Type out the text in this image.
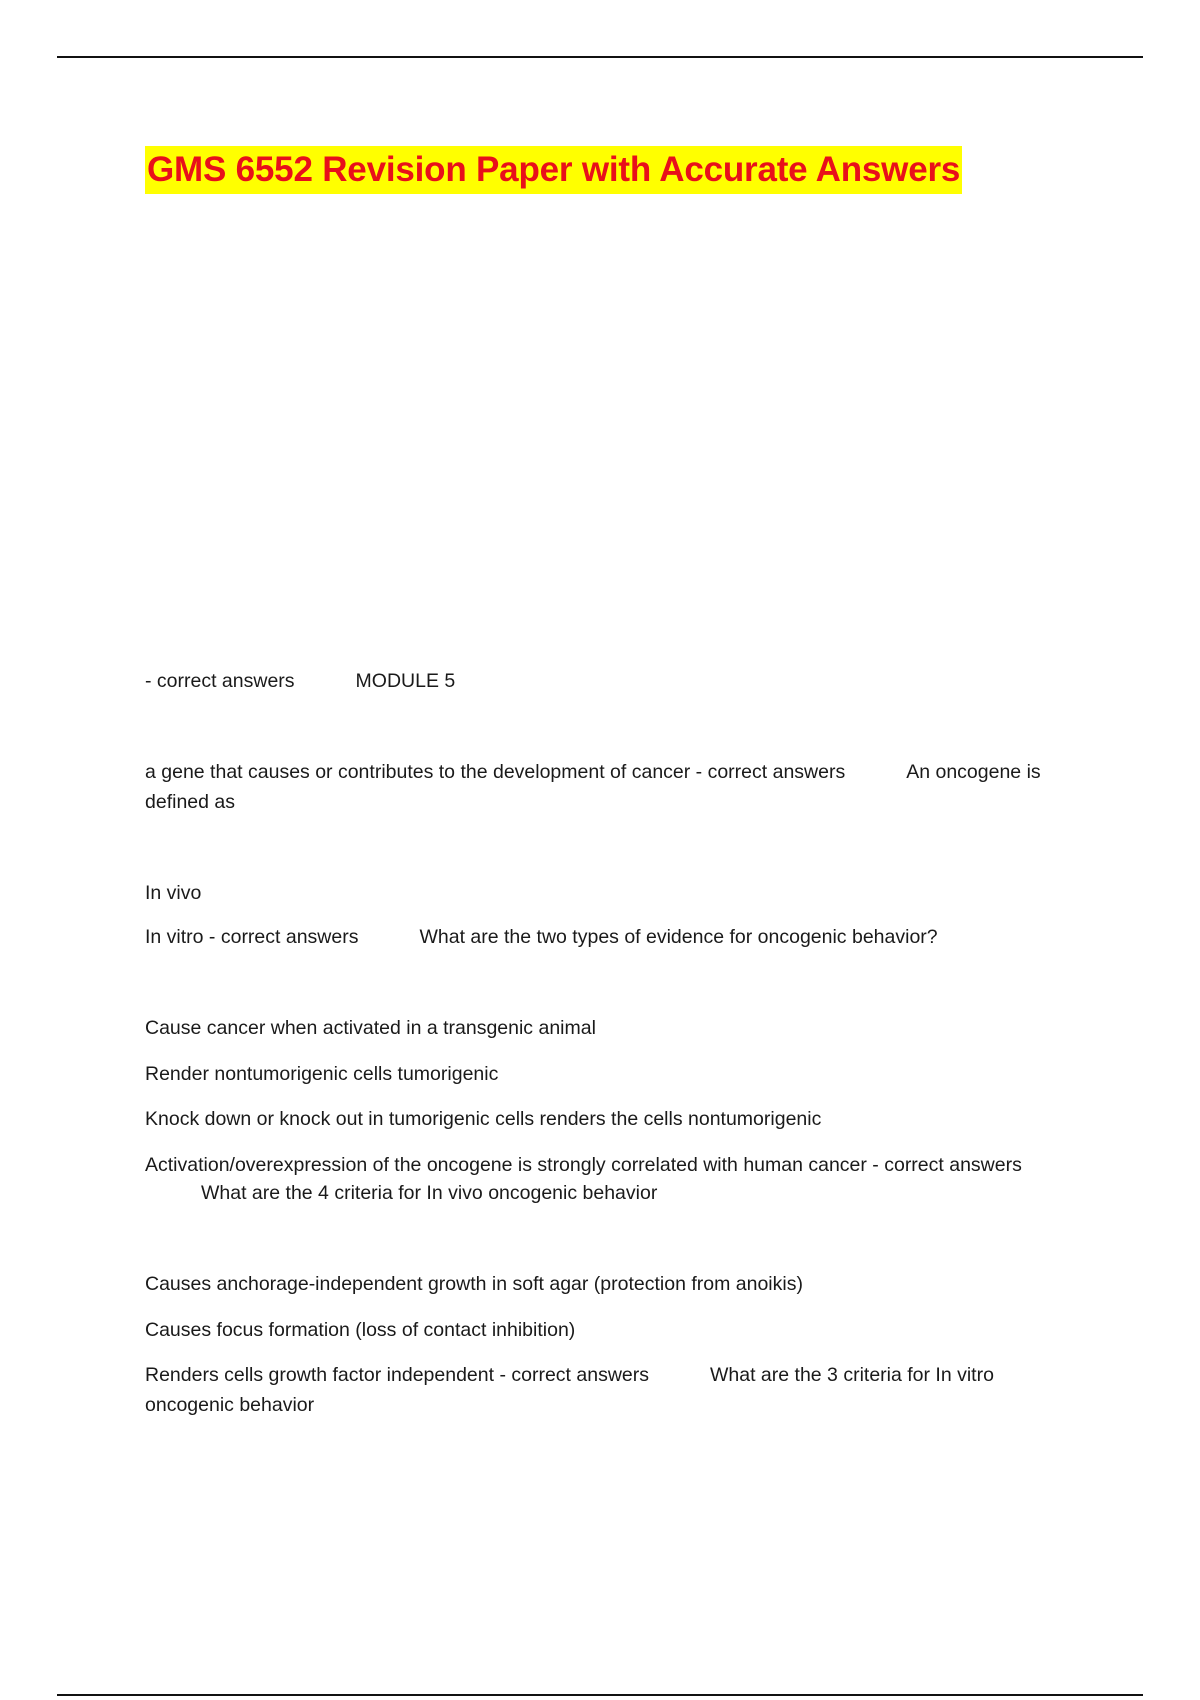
GMS 6552 Revision Paper with Accurate Answers
- correct answers	MODULE 5
a gene that causes or contributes to the development of cancer - correct answers	An oncogene is
defined as
In vivo
In vitro - correct answers	What are the two types of evidence for oncogenic behavior?
Cause cancer when activated in a transgenic animal
Render nontumorigenic cells tumorigenic
Knock down or knock out in tumorigenic cells renders the cells nontumorigenic
Activation/overexpression of the oncogene is strongly correlated with human cancer - correct answers
What are the 4 criteria for In vivo oncogenic behavior
Causes anchorage-independent growth in soft agar (protection from anoikis)
Causes focus formation (loss of contact inhibition)
Renders cells growth factor independent - correct answers	What are the 3 criteria for In vitro
oncogenic behavior
